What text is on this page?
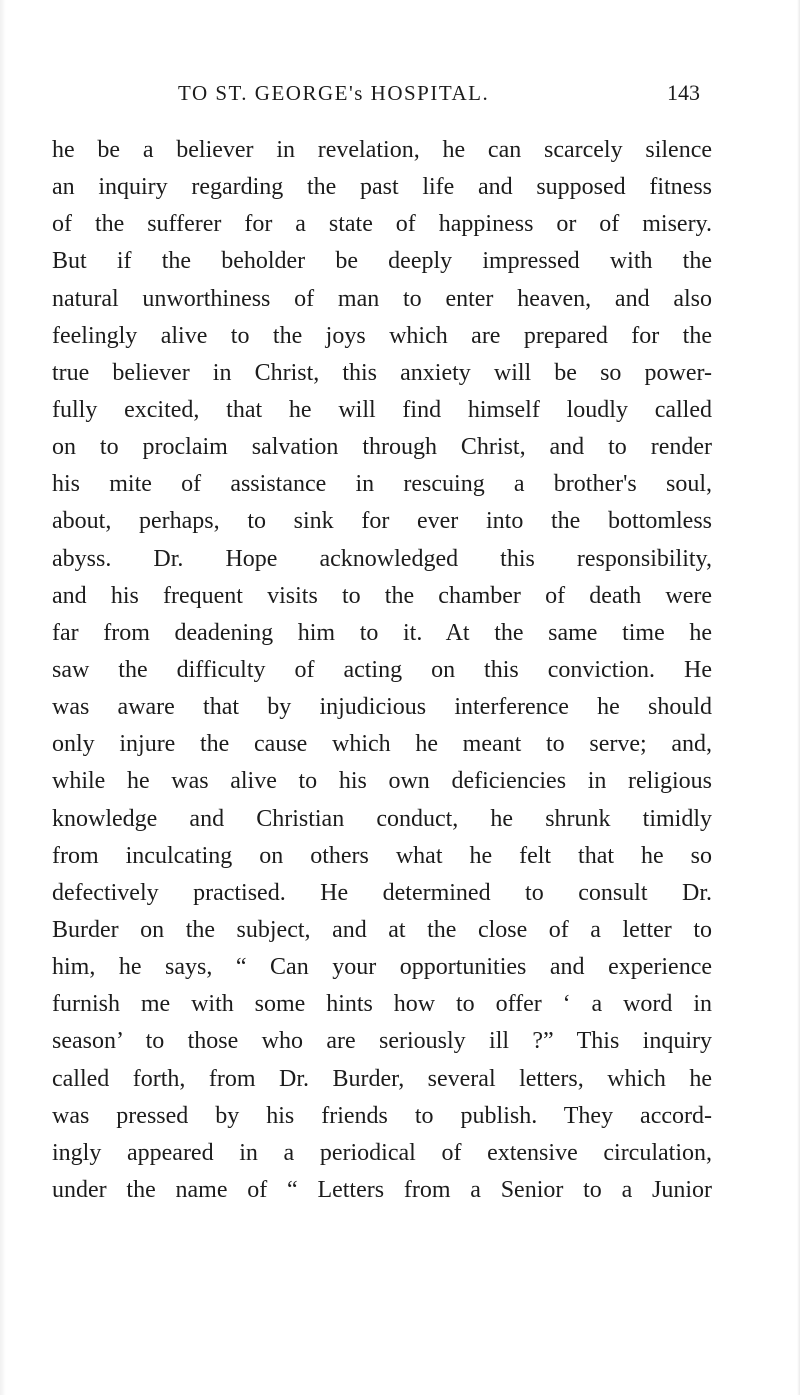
TO ST. GEORGE's HOSPITAL.	143
he be a believer in revelation, he can scarcely silence
an inquiry regarding the past life and supposed fitness
of the sufferer for a state of happiness or of misery.
But if the beholder be deeply impressed with the
natural unworthiness of man to enter heaven, and also
feelingly alive to the joys which are prepared for the
true believer in Christ, this anxiety will be so power-
fully excited, that he will find himself loudly called
on to proclaim salvation through Christ, and to render
his mite of assistance in rescuing a brother's soul,
about, perhaps, to sink for ever into the bottomless
abyss. Dr. Hope acknowledged this responsibility,
and his frequent visits to the chamber of death were
far from deadening him to it. At the same time he
saw the difficulty of acting on this conviction. He
was aware that by injudicious interference he should
only injure the cause which he meant to serve; and,
while he was alive to his own deficiencies in religious
knowledge and Christian conduct, he shrunk timidly
from inculcating on others what he felt that he so
defectively practised. He determined to consult Dr.
Burder on the subject, and at the close of a letter to
him, he says, “ Can your opportunities and experience
furnish me with some hints how to offer ‘ a word in
season’ to those who are seriously ill ?” This inquiry
called forth, from Dr. Burder, several letters, which he
was pressed by his friends to publish. They accord-
ingly appeared in a periodical of extensive circulation,
under the name of “ Letters from a Senior to a Junior
